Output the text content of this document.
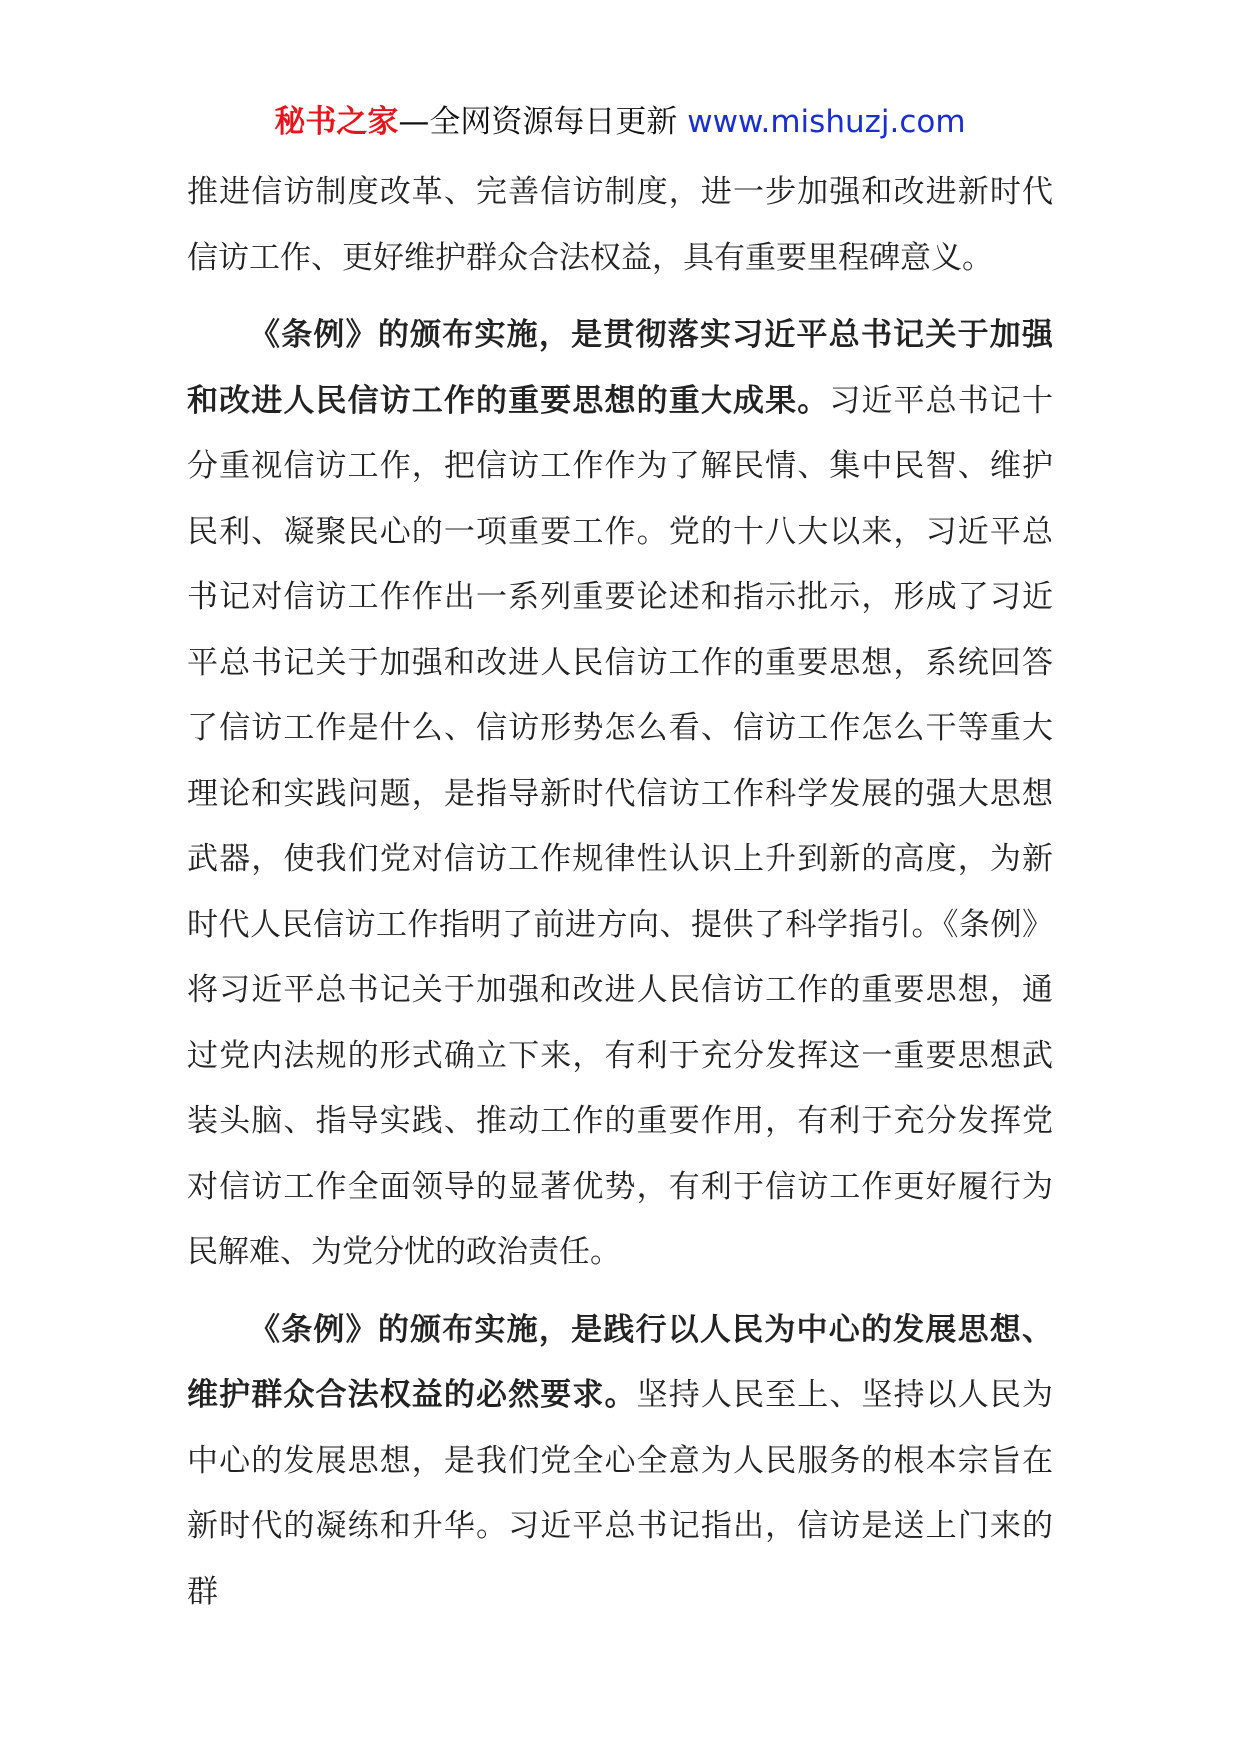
秘书之家—全网资源每日更新 www.mishuzj.com

推进信访制度改革、完善信访制度，进一步加强和改进新时代信访工作、更好维护群众合法权益，具有重要里程碑意义。

《条例》的颁布实施，是贯彻落实习近平总书记关于加强和改进人民信访工作的重要思想的重大成果。习近平总书记十分重视信访工作，把信访工作作为了解民情、集中民智、维护民利、凝聚民心的一项重要工作。党的十八大以来，习近平总书记对信访工作作出一系列重要论述和指示批示，形成了习近平总书记关于加强和改进人民信访工作的重要思想，系统回答了信访工作是什么、信访形势怎么看、信访工作怎么干等重大理论和实践问题，是指导新时代信访工作科学发展的强大思想武器，使我们党对信访工作规律性认识上升到新的高度，为新时代人民信访工作指明了前进方向、提供了科学指引。《条例》将习近平总书记关于加强和改进人民信访工作的重要思想，通过党内法规的形式确立下来，有利于充分发挥这一重要思想武装头脑、指导实践、推动工作的重要作用，有利于充分发挥党对信访工作全面领导的显著优势，有利于信访工作更好履行为民解难、为党分忧的政治责任。

《条例》的颁布实施，是践行以人民为中心的发展思想、维护群众合法权益的必然要求。坚持人民至上、坚持以人民为中心的发展思想，是我们党全心全意为人民服务的根本宗旨在新时代的凝练和升华。习近平总书记指出，信访是送上门来的群
